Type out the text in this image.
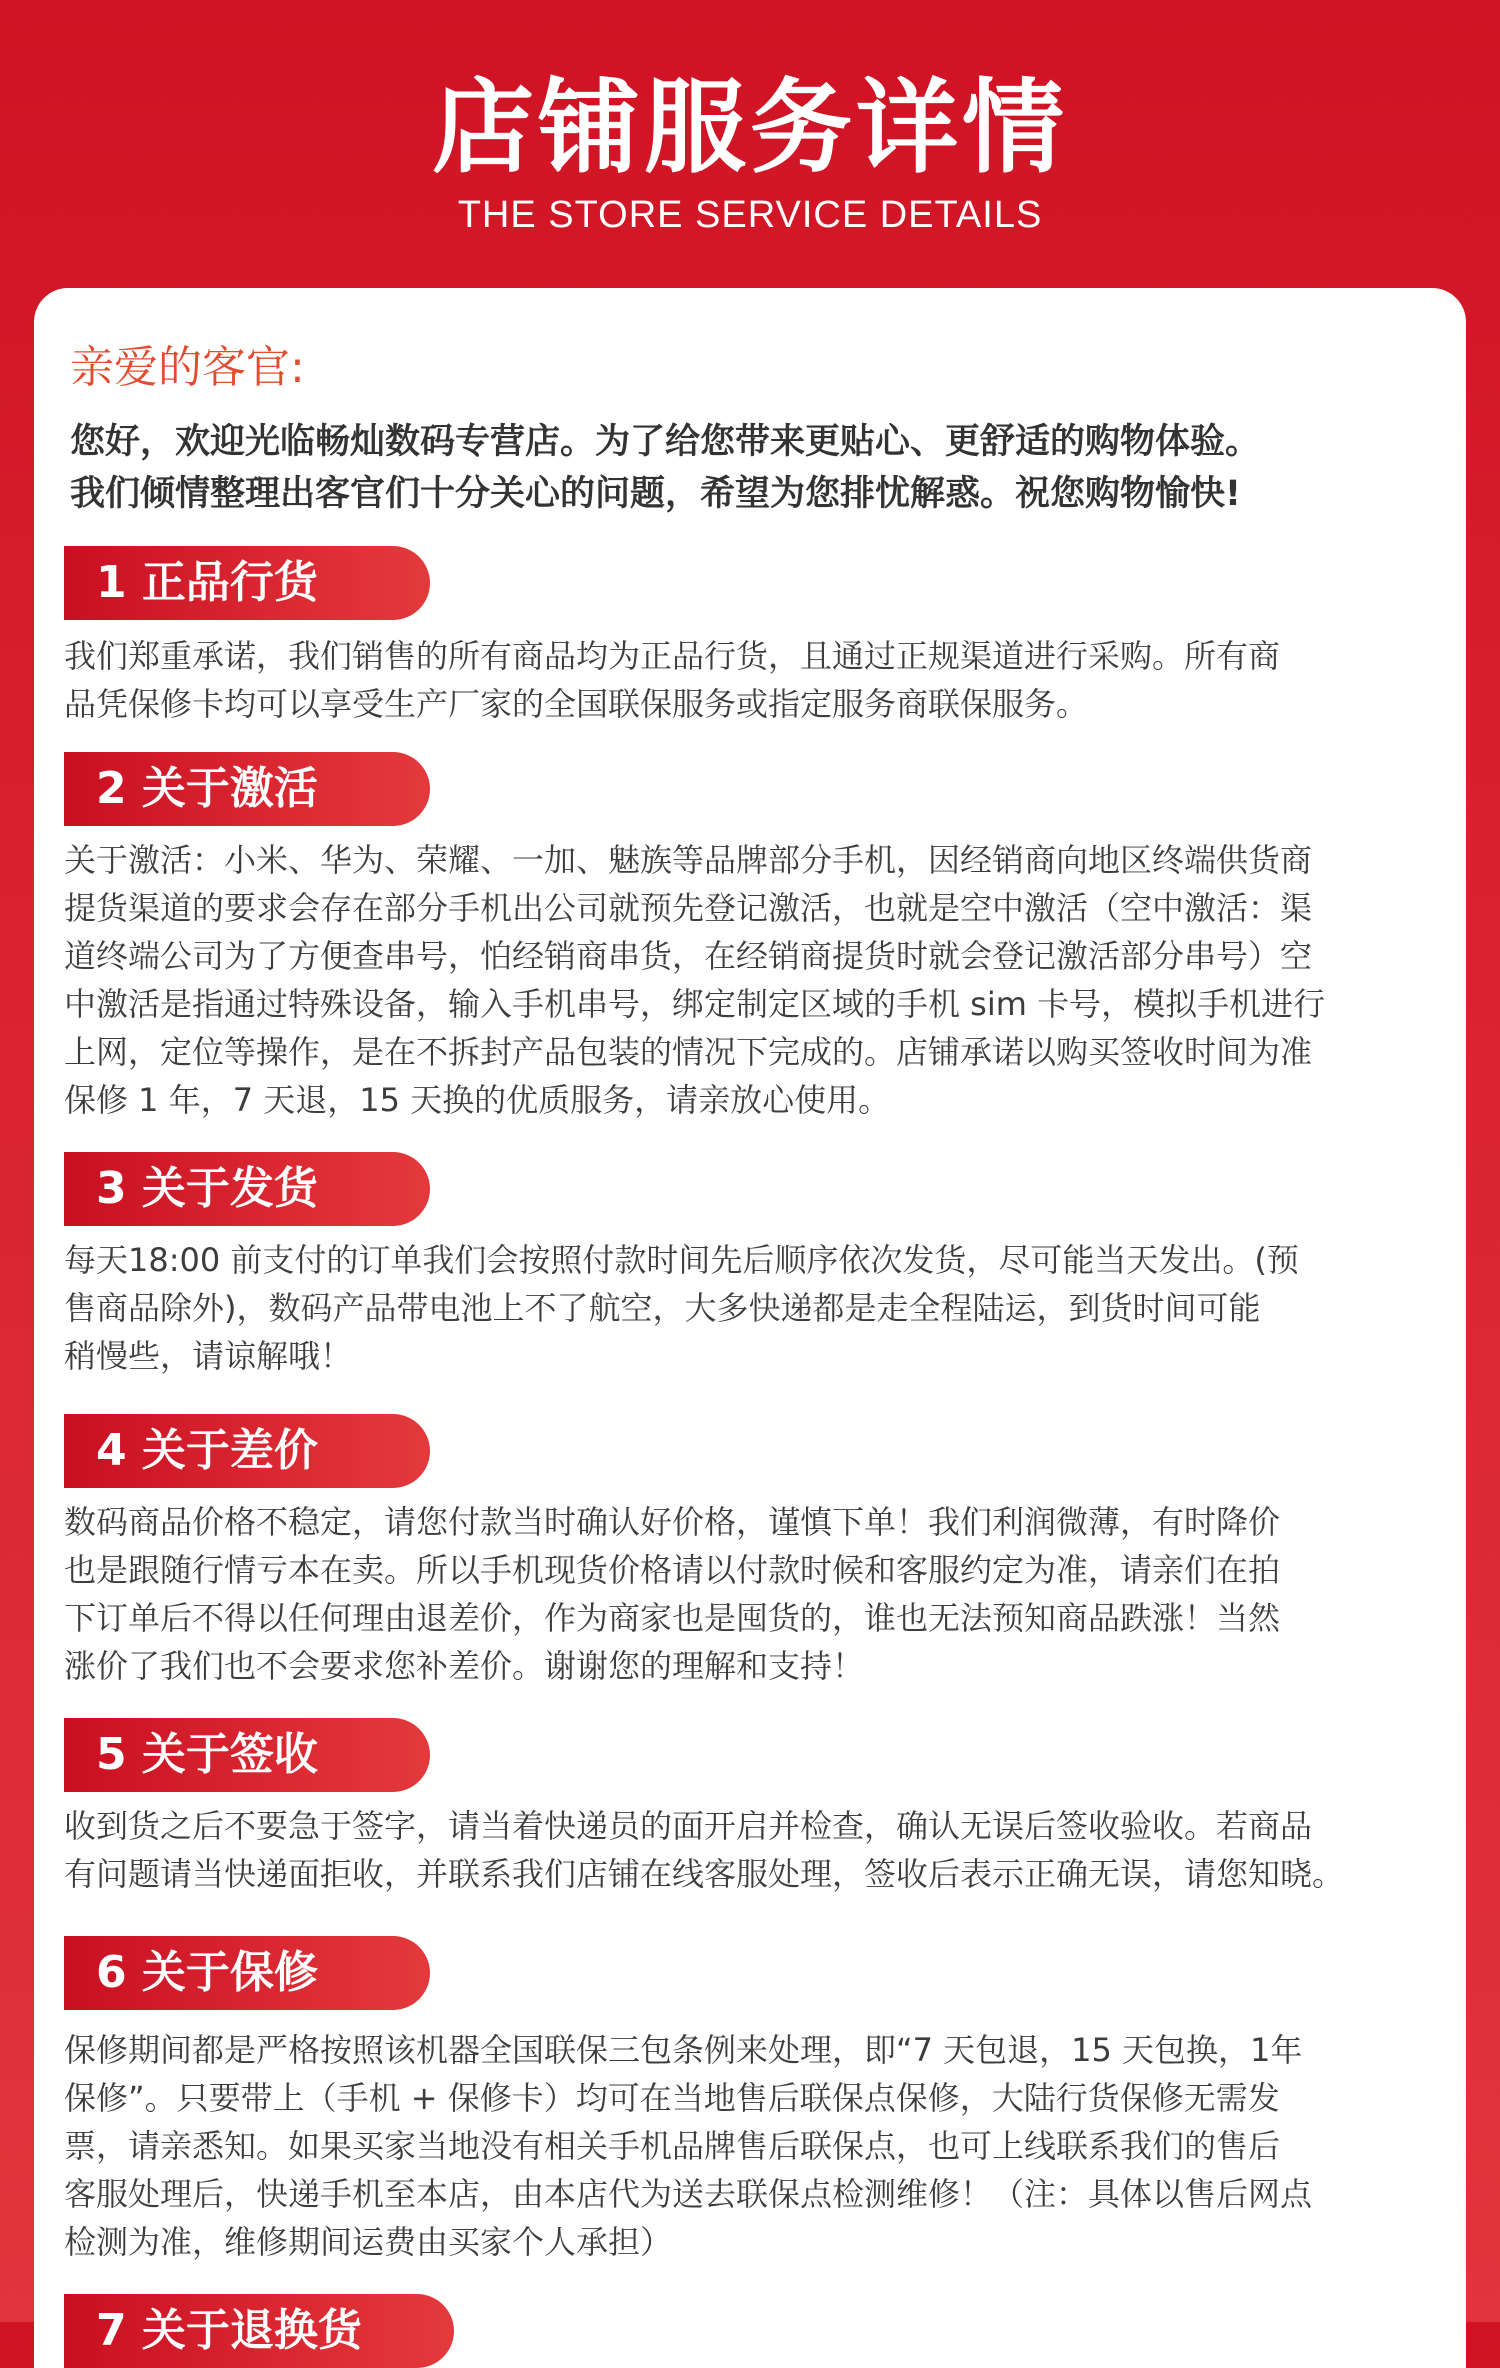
店铺服务详情
THE STORE SERVICE DETAILS
亲爱的客官:
您好，欢迎光临畅灿数码专营店。为了给您带来更贴心、更舒适的购物体验。
我们倾情整理出客官们十分关心的问题，希望为您排忧解惑。祝您购物愉快!
1 正品行货
我们郑重承诺，我们销售的所有商品均为正品行货，且通过正规渠道进行采购。所有商
品凭保修卡均可以享受生产厂家的全国联保服务或指定服务商联保服务。
2 关于激活
关于激活：小米、华为、荣耀、一加、魅族等品牌部分手机，因经销商向地区终端供货商
提货渠道的要求会存在部分手机出公司就预先登记激活，也就是空中激活（空中激活：渠
道终端公司为了方便查串号，怕经销商串货，在经销商提货时就会登记激活部分串号）空
中激活是指通过特殊设备，输入手机串号，绑定制定区域的手机 sim 卡号，模拟手机进行
上网，定位等操作，是在不拆封产品包装的情况下完成的。店铺承诺以购买签收时间为准
保修 1 年，7 天退，15 天换的优质服务，请亲放心使用。
3 关于发货
每天18:00 前支付的订单我们会按照付款时间先后顺序依次发货，尽可能当天发出。(预
售商品除外)，数码产品带电池上不了航空，大多快递都是走全程陆运，到货时间可能
稍慢些，请谅解哦！
4 关于差价
数码商品价格不稳定，请您付款当时确认好价格，谨慎下单！我们利润微薄，有时降价
也是跟随行情亏本在卖。所以手机现货价格请以付款时候和客服约定为准，请亲们在拍
下订单后不得以任何理由退差价，作为商家也是囤货的，谁也无法预知商品跌涨！当然
涨价了我们也不会要求您补差价。谢谢您的理解和支持！
5 关于签收
收到货之后不要急于签字，请当着快递员的面开启并检查，确认无误后签收验收。若商品
有问题请当快递面拒收，并联系我们店铺在线客服处理，签收后表示正确无误，请您知晓。
6 关于保修
保修期间都是严格按照该机器全国联保三包条例来处理，即“7 天包退，15 天包换，1年
保修”。只要带上（手机 + 保修卡）均可在当地售后联保点保修，大陆行货保修无需发
票，请亲悉知。如果买家当地没有相关手机品牌售后联保点，也可上线联系我们的售后
客服处理后，快递手机至本店，由本店代为送去联保点检测维修！（注：具体以售后网点
检测为准，维修期间运费由买家个人承担）
7 关于退换货
